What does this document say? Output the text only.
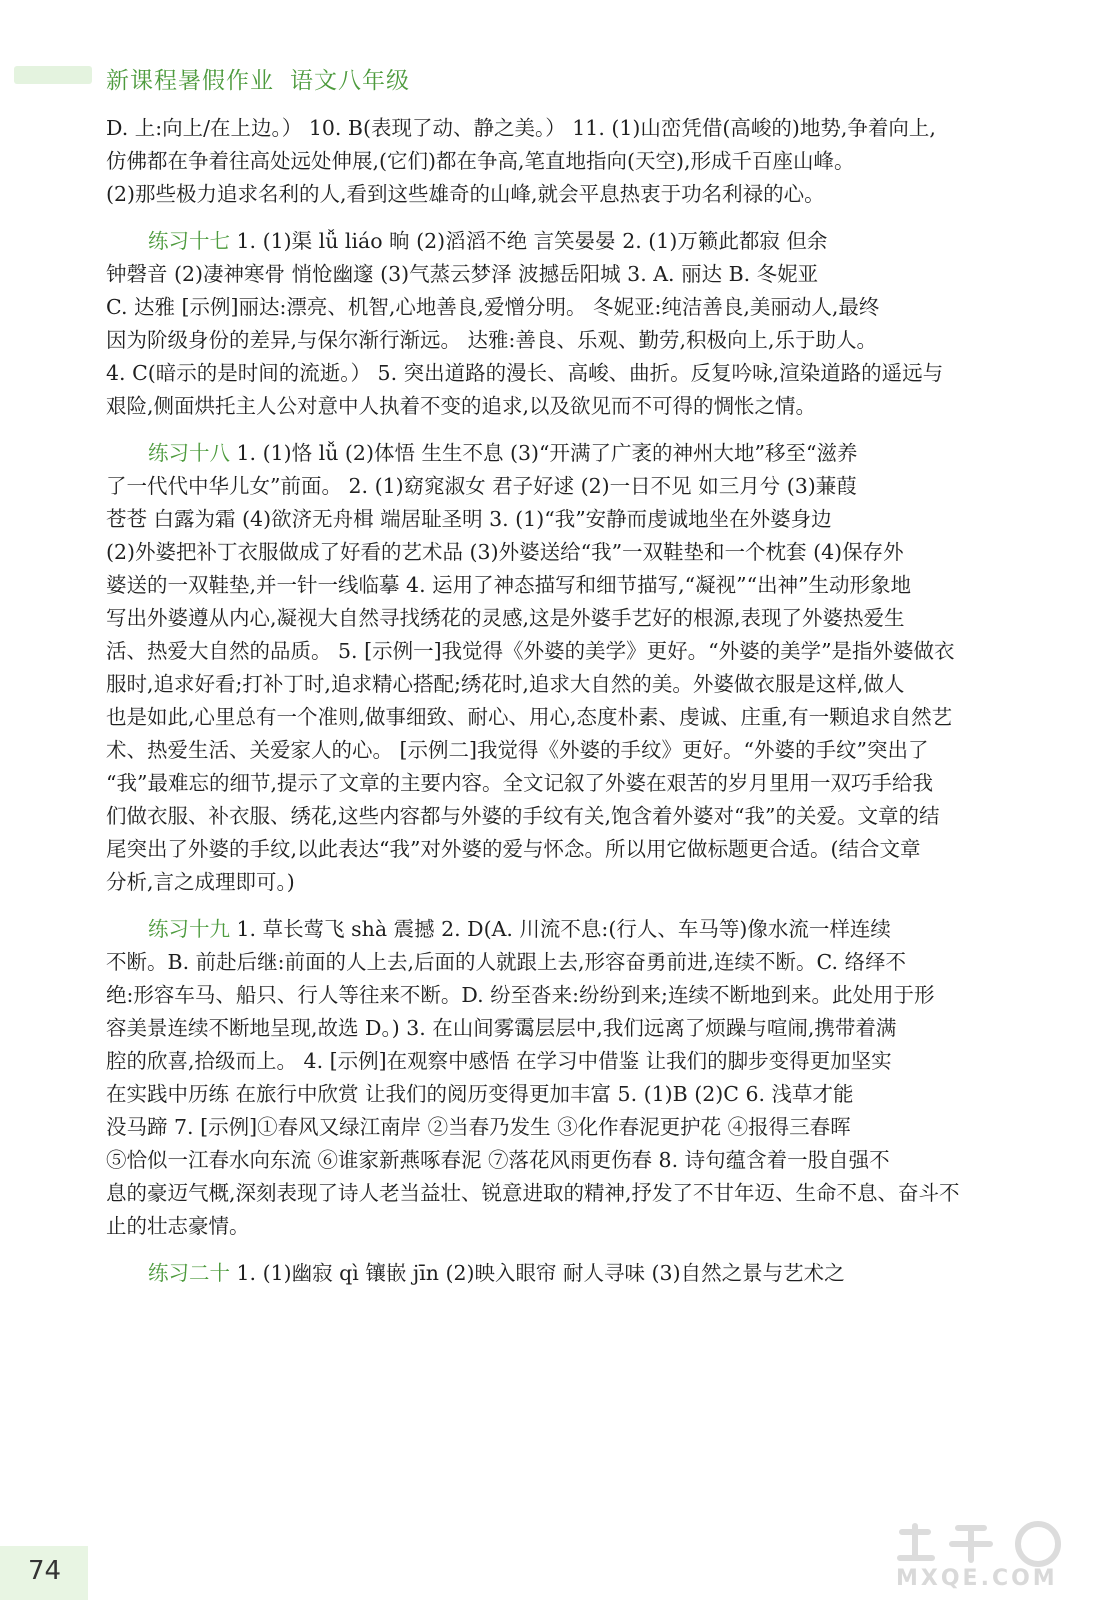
新课程暑假作业 语文八年级
D. 上:向上/在上边。） 10. B(表现了动、静之美。） 11. (1)山峦凭借(高峻的)地势,争着向上,
仿佛都在争着往高处远处伸展,(它们)都在争高,笔直地指向(天空),形成千百座山峰。
(2)那些极力追求名利的人,看到这些雄奇的山峰,就会平息热衷于功名利禄的心。
练习十七 1. (1)渠 lǚ liáo 晌 (2)滔滔不绝 言笑晏晏 2. (1)万籁此都寂 但余
钟磬音 (2)凄神寒骨 悄怆幽邃 (3)气蒸云梦泽 波撼岳阳城 3. A. 丽达 B. 冬妮亚
C. 达雅 [示例]丽达:漂亮、机智,心地善良,爱憎分明。 冬妮亚:纯洁善良,美丽动人,最终
因为阶级身份的差异,与保尔渐行渐远。 达雅:善良、乐观、勤劳,积极向上,乐于助人。
4. C(暗示的是时间的流逝。） 5. 突出道路的漫长、高峻、曲折。反复吟咏,渲染道路的遥远与
艰险,侧面烘托主人公对意中人执着不变的追求,以及欲见而不可得的惆怅之情。
练习十八 1. (1)恪 lǚ (2)体悟 生生不息 (3)“开满了广袤的神州大地”移至“滋养
了一代代中华儿女”前面。 2. (1)窈窕淑女 君子好逑 (2)一日不见 如三月兮 (3)蒹葭
苍苍 白露为霜 (4)欲济无舟楫 端居耻圣明 3. (1)“我”安静而虔诚地坐在外婆身边
(2)外婆把补丁衣服做成了好看的艺术品 (3)外婆送给“我”一双鞋垫和一个枕套 (4)保存外
婆送的一双鞋垫,并一针一线临摹 4. 运用了神态描写和细节描写,“凝视”“出神”生动形象地
写出外婆遵从内心,凝视大自然寻找绣花的灵感,这是外婆手艺好的根源,表现了外婆热爱生
活、热爱大自然的品质。 5. [示例一]我觉得《外婆的美学》更好。“外婆的美学”是指外婆做衣
服时,追求好看;打补丁时,追求精心搭配;绣花时,追求大自然的美。外婆做衣服是这样,做人
也是如此,心里总有一个准则,做事细致、耐心、用心,态度朴素、虔诚、庄重,有一颗追求自然艺
术、热爱生活、关爱家人的心。 [示例二]我觉得《外婆的手纹》更好。“外婆的手纹”突出了
“我”最难忘的细节,提示了文章的主要内容。全文记叙了外婆在艰苦的岁月里用一双巧手给我
们做衣服、补衣服、绣花,这些内容都与外婆的手纹有关,饱含着外婆对“我”的关爱。文章的结
尾突出了外婆的手纹,以此表达“我”对外婆的爱与怀念。所以用它做标题更合适。(结合文章
分析,言之成理即可。)
练习十九 1. 草长莺飞 shà 震撼 2. D(A. 川流不息:(行人、车马等)像水流一样连续
不断。B. 前赴后继:前面的人上去,后面的人就跟上去,形容奋勇前进,连续不断。C. 络绎不
绝:形容车马、船只、行人等往来不断。D. 纷至沓来:纷纷到来;连续不断地到来。此处用于形
容美景连续不断地呈现,故选 D。) 3. 在山间雾霭层层中,我们远离了烦躁与喧闹,携带着满
腔的欣喜,拾级而上。 4. [示例]在观察中感悟 在学习中借鉴 让我们的脚步变得更加坚实
在实践中历练 在旅行中欣赏 让我们的阅历变得更加丰富 5. (1)B (2)C 6. 浅草才能
没马蹄 7. [示例]①春风又绿江南岸 ②当春乃发生 ③化作春泥更护花 ④报得三春晖
⑤恰似一江春水向东流 ⑥谁家新燕啄春泥 ⑦落花风雨更伤春 8. 诗句蕴含着一股自强不
息的豪迈气概,深刻表现了诗人老当益壮、锐意进取的精神,抒发了不甘年迈、生命不息、奋斗不
止的壮志豪情。
练习二十 1. (1)幽寂 qì 镶嵌 jīn (2)映入眼帘 耐人寻味 (3)自然之景与艺术之
74	MXQE.COM
